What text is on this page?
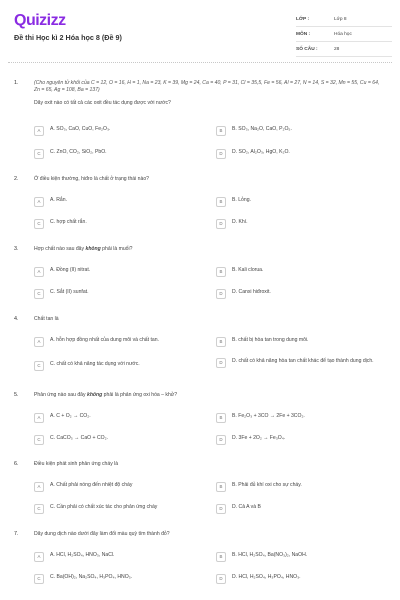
Quizizz
Đề thi Học kì 2 Hóa học 8 (Đề 9)
LỚP :	Lớp 8
MÔN :	Hóa học
SỐ CÂU :	28
1.	(Cho nguyên tử khối của C = 12, O = 16, H = 1, Na = 23, K = 39, Mg = 24, Ca = 40, P = 31, Cl = 35,5, Fe = 56, Al = 27, N = 14, S = 32, Mn = 55, Cu = 64, Zn = 65, Ag = 108, Ba = 137)
Dãy oxit nào có tất cả các oxit đều tác dụng được với nước?
A	A. SO₃, CaO, CuO, Fe₂O₃.	B	B. SO₃, Na₂O, CaO, P₂O₅.
C	C. ZnO, CO₂, SiO₂, PbO.	D	D. SO₂, Al₂O₃, HgO, K₂O.
2.	Ở điều kiện thường, hiđro là chất ở trạng thái nào?
A	A. Rắn.	B	B. Lỏng.
C	C. hợp chất rắn.	D	D. Khí.
3.	Hợp chất nào sau đây không phải là muối?
A	A. Đồng (II) nitrat.	B	B. Kali clorua.
C	C. Sắt (II) sunfat.	D	D. Canxi hiđroxit.
4.	Chất tan là
A	A. hỗn hợp đồng nhất của dung môi và chất tan.	B	B. chất bị hòa tan trong dung môi.
C	C. chất có khả năng tác dụng với nước.	D	D. chất có khả năng hòa tan chất khác để tạo thành dung dịch.
5.	Phản ứng nào sau đây không phải là phản ứng oxi hóa – khử?
A	A. C + O₂ → CO₂.	B	B. Fe₂O₃ + 3CO → 2Fe + 3CO₂.
C	C. CaCO₃ → CaO + CO₂.	D	D. 3Fe + 2O₂ → Fe₃O₄.
6.	Điều kiện phát sinh phản ứng cháy là
A	A. Chất phải nóng đến nhiệt độ cháy	B	B. Phải đủ khí oxi cho sự cháy.
C	C. Cần phải có chất xúc tác cho phản ứng cháy	D	D. Cả A và B
7.	Dãy dung dịch nào dưới đây làm đổi màu quỳ tím thành đỏ?
A	A. HCl, H₂SO₄, HNO₃, NaCl.	B	B. HCl, H₂SO₄, Ba(NO₃)₂, NaOH.
C	C. Ba(OH)₂, Na₂SO₄, H₃PO₄, HNO₃.	D	D. HCl, H₂SO₄, H₃PO₄, HNO₃.
